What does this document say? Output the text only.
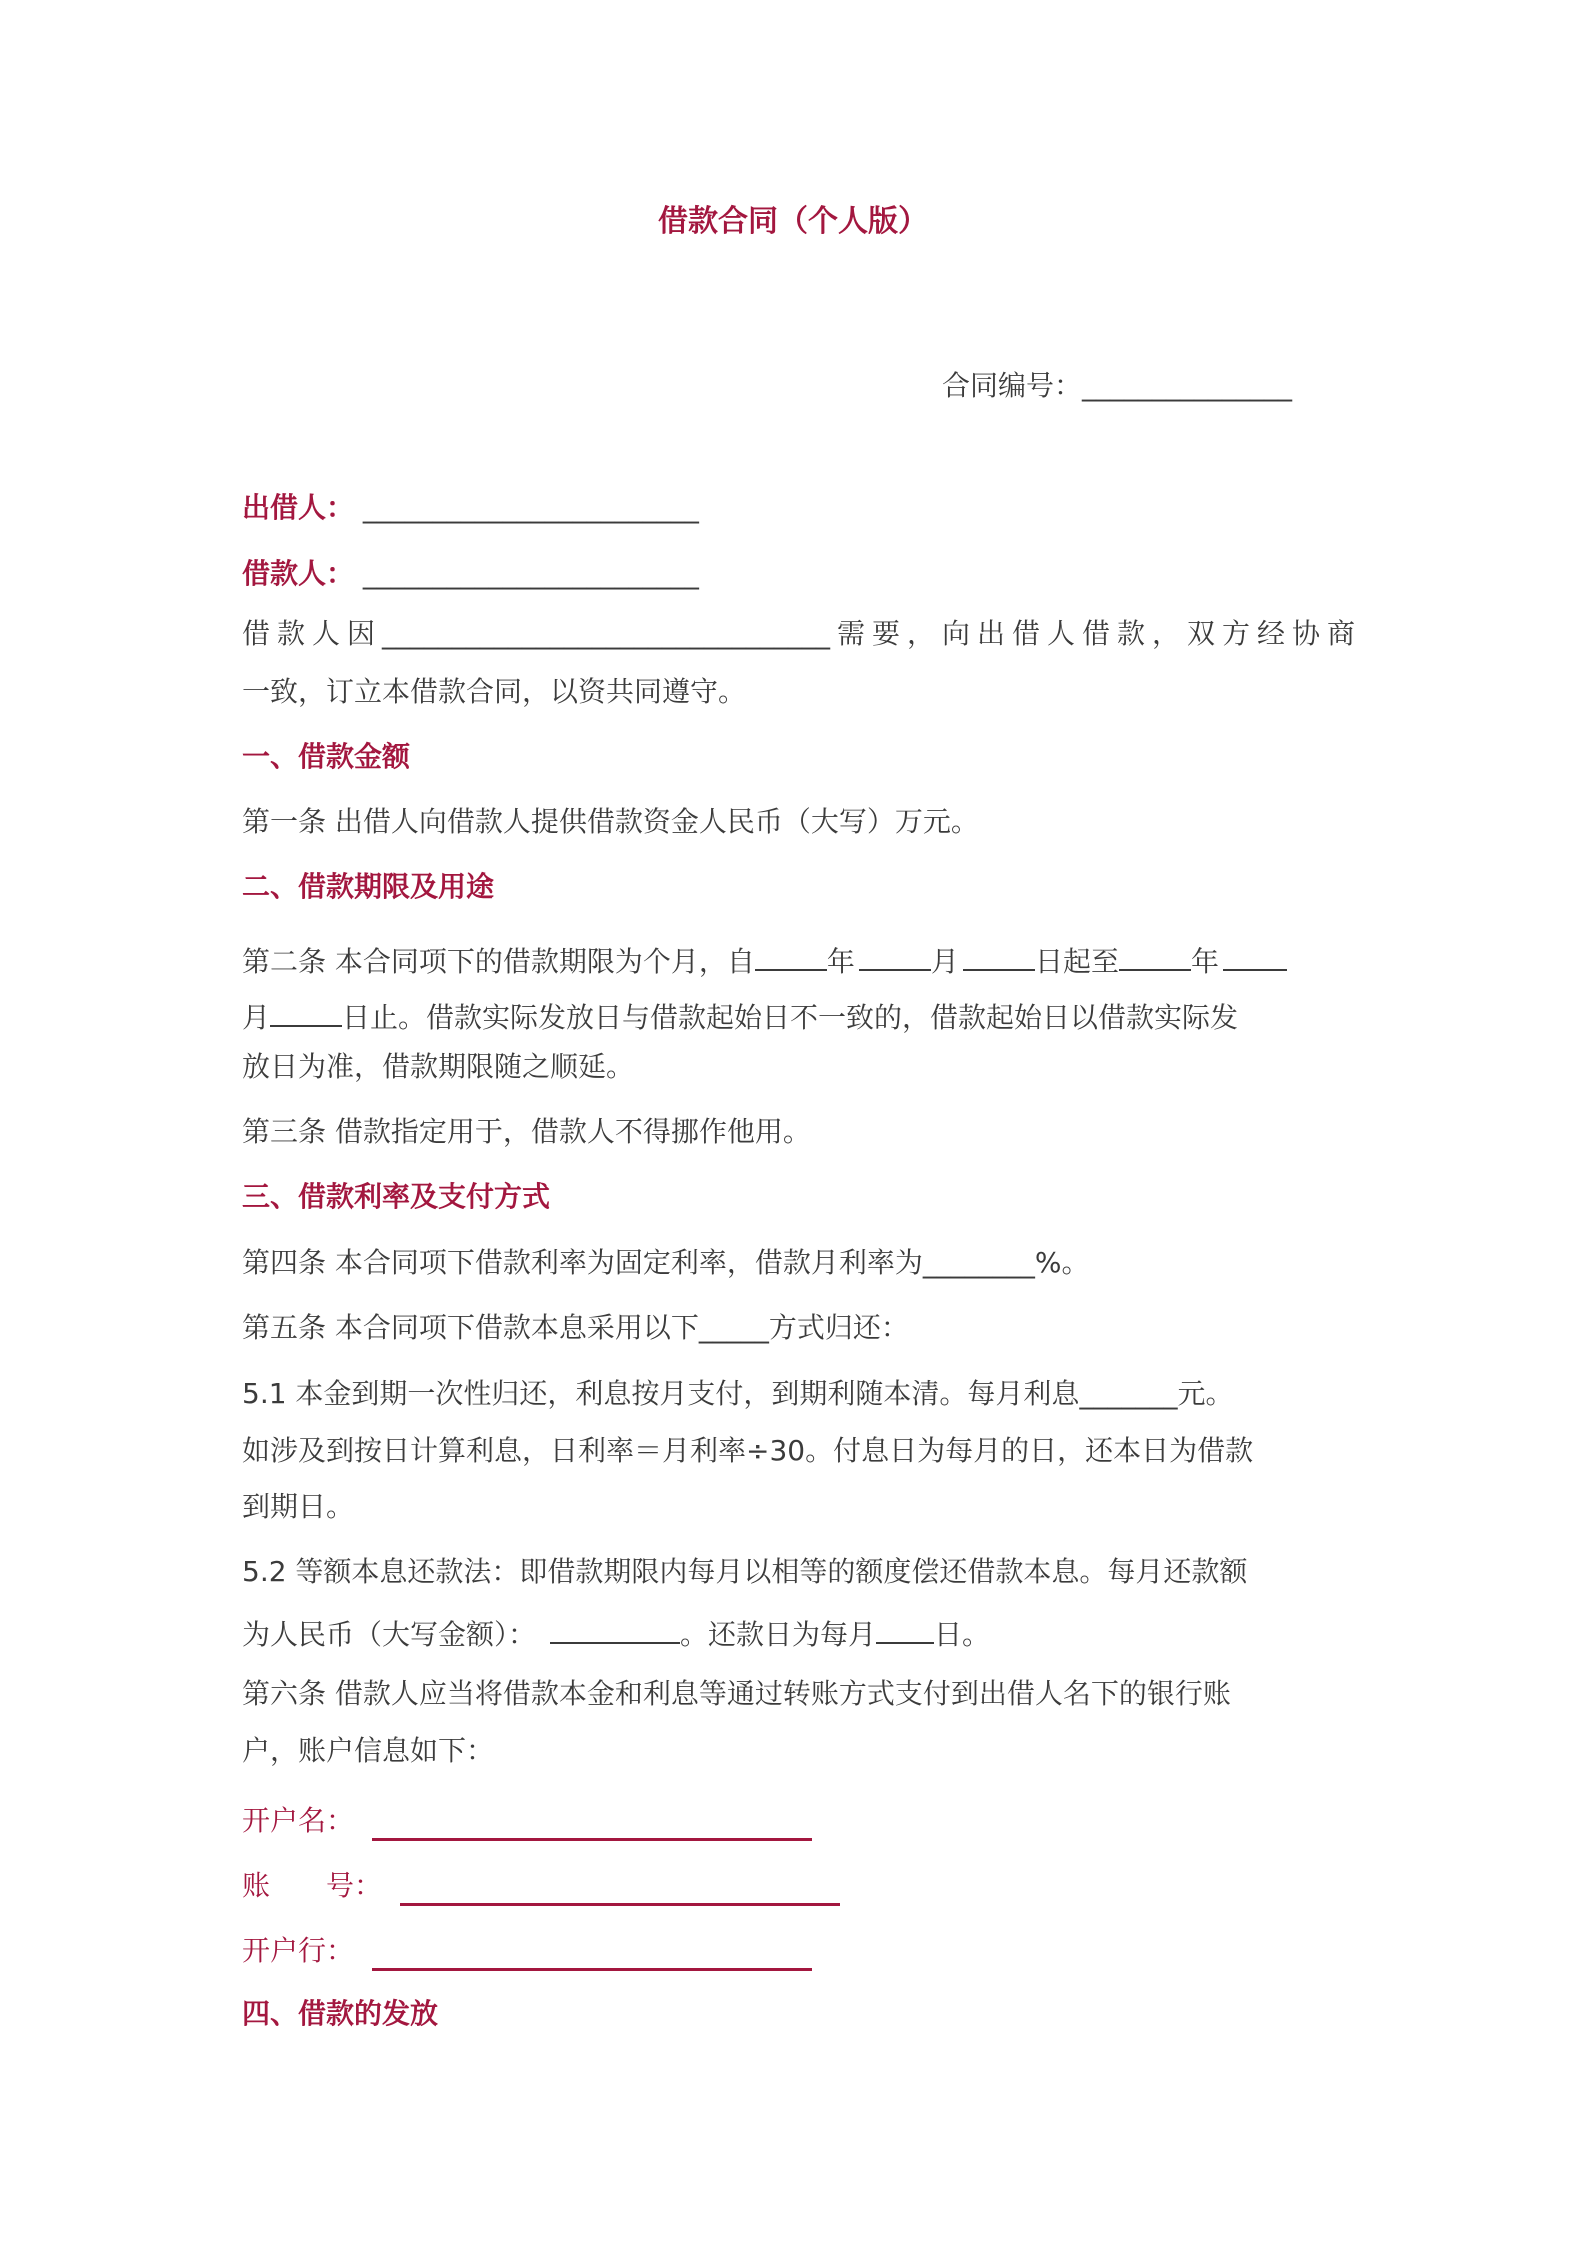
借款合同（个人版）
合同编号：_______________
出借人： ________________________
借款人： ________________________
借款人因________________________________需要，向出借人借款，双方经协商
一致，订立本借款合同，以资共同遵守。
一、借款金额
第一条 出借人向借款人提供借款资金人民币（大写）万元。
二、借款期限及用途
第二条 本合同项下的借款期限为个月，自	年	月	日起至	年
月	日止。借款实际发放日与借款起始日不一致的，借款起始日以借款实际发
放日为准，借款期限随之顺延。
第三条 借款指定用于，借款人不得挪作他用。
三、借款利率及支付方式
第四条 本合同项下借款利率为固定利率，借款月利率为________%。
第五条 本合同项下借款本息采用以下_____方式归还：
5.1 本金到期一次性归还，利息按月支付，到期利随本清。每月利息_______元。
如涉及到按日计算利息，日利率＝月利率÷30。付息日为每月的日，还本日为借款
到期日。
5.2 等额本息还款法：即借款期限内每月以相等的额度偿还借款本息。每月还款额
为人民币（大写金额）：	。还款日为每月 日。
第六条 借款人应当将借款本金和利息等通过转账方式支付到出借人名下的银行账
户，账户信息如下：
开户名：
账　　号：
开户行：
四、借款的发放
